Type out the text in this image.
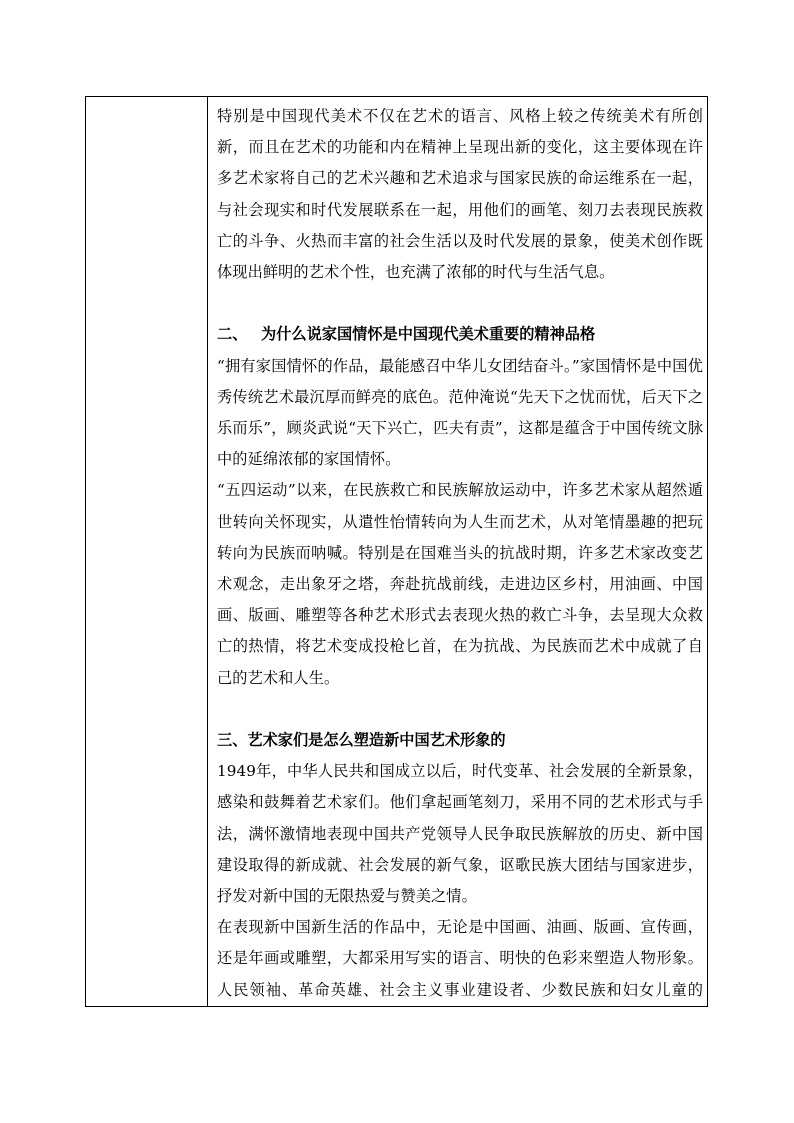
特别是中国现代美术不仅在艺术的语言、风格上较之传统美术有所创新，而且在艺术的功能和内在精神上呈现出新的变化，这主要体现在许多艺术家将自己的艺术兴趣和艺术追求与国家民族的命运维系在一起，与社会现实和时代发展联系在一起，用他们的画笔、刻刀去表现民族救亡的斗争、火热而丰富的社会生活以及时代发展的景象，使美术创作既体现出鲜明的艺术个性，也充满了浓郁的时代与生活气息。

二、 为什么说家国情怀是中国现代美术重要的精神品格

“拥有家国情怀的作品，最能感召中华儿女团结奋斗。”家国情怀是中国优秀传统艺术最沉厚而鲜亮的底色。范仲淹说“先天下之忧而忧，后天下之乐而乐”，顾炎武说“天下兴亡，匹夫有责”，这都是蕴含于中国传统文脉中的延绵浓郁的家国情怀。

“五四运动”以来，在民族救亡和民族解放运动中，许多艺术家从超然遁世转向关怀现实，从遣性怡情转向为人生而艺术，从对笔情墨趣的把玩转向为民族而呐喊。特别是在国难当头的抗战时期，许多艺术家改变艺术观念，走出象牙之塔，奔赴抗战前线，走进边区乡村，用油画、中国画、版画、雕塑等各种艺术形式去表现火热的救亡斗争，去呈现大众救亡的热情，将艺术变成投枪匕首，在为抗战、为民族而艺术中成就了自己的艺术和人生。

三、艺术家们是怎么塑造新中国艺术形象的

1949年，中华人民共和国成立以后，时代变革、社会发展的全新景象，感染和鼓舞着艺术家们。他们拿起画笔刻刀，采用不同的艺术形式与手法，满怀激情地表现中国共产党领导人民争取民族解放的历史、新中国建设取得的新成就、社会发展的新气象，讴歌民族大团结与国家进步，抒发对新中国的无限热爱与赞美之情。

在表现新中国新生活的作品中，无论是中国画、油画、版画、宣传画，还是年画或雕塑，大都采用写实的语言、明快的色彩来塑造人物形象。人民领袖、革命英雄、社会主义事业建设者、少数民族和妇女儿童的
